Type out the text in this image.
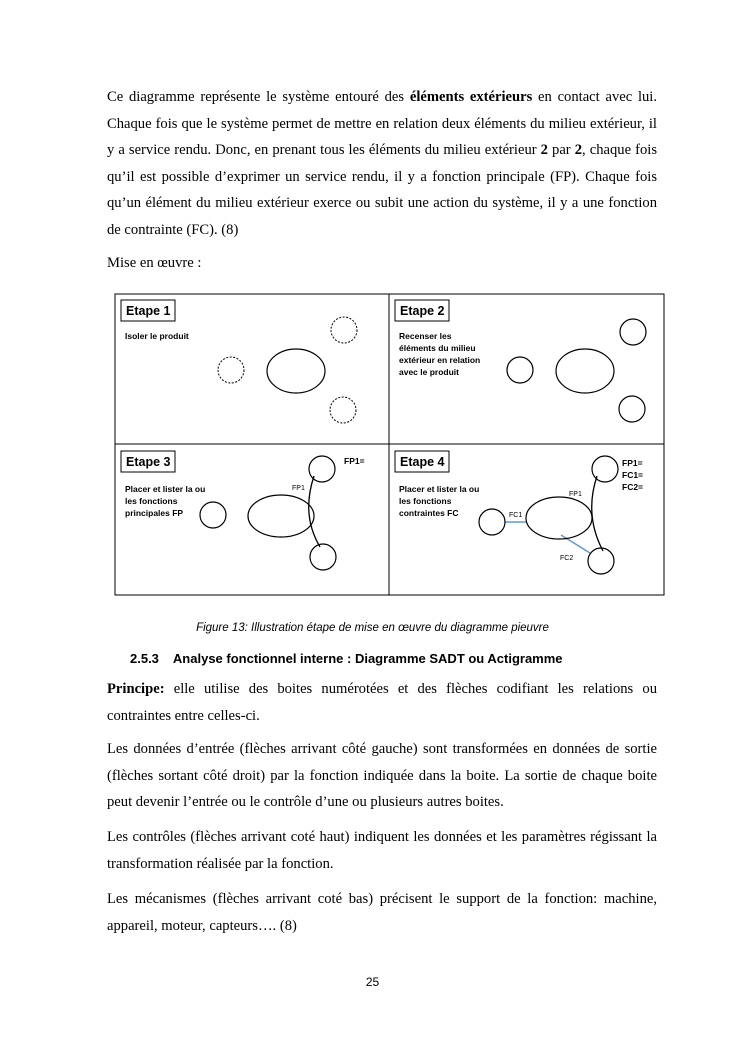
Ce diagramme représente le système entouré des éléments extérieurs en contact avec lui. Chaque fois que le système permet de mettre en relation deux éléments du milieu extérieur, il y a service rendu. Donc, en prenant tous les éléments du milieu extérieur 2 par 2, chaque fois qu’il est possible d’exprimer un service rendu, il y a fonction principale (FP). Chaque fois qu’un élément du milieu extérieur exerce ou subit une action du système, il y a une fonction de contrainte (FC). (8)

Mise en œuvre :

Etape 1
Isoler le produit
Etape 2
Recenser les
éléments du milieu
extérieur en relation
avec le produit
Etape 3
Placer et lister la ou
les fonctions
principales FP
FP1=
FP1
Etape 4
Placer et lister la ou
les fonctions
contraintes FC
FP1=
FC1=
FC2=
FP1
FC1
FC2
Figure 13: Illustration étape de mise en œuvre du diagramme pieuvre
2.5.3 Analyse fonctionnel interne : Diagramme SADT ou Actigramme

Principe: elle utilise des boites numérotées et des flèches codifiant les relations ou contraintes entre celles-ci.

Les données d’entrée (flèches arrivant côté gauche) sont transformées en données de sortie (flèches sortant côté droit) par la fonction indiquée dans la boite. La sortie de chaque boite peut devenir l’entrée ou le contrôle d’une ou plusieurs autres boites.

Les contrôles (flèches arrivant coté haut) indiquent les données et les paramètres régissant la transformation réalisée par la fonction.

Les mécanismes (flèches arrivant coté bas) précisent le support de la fonction: machine, appareil, moteur, capteurs…. (8)

25
